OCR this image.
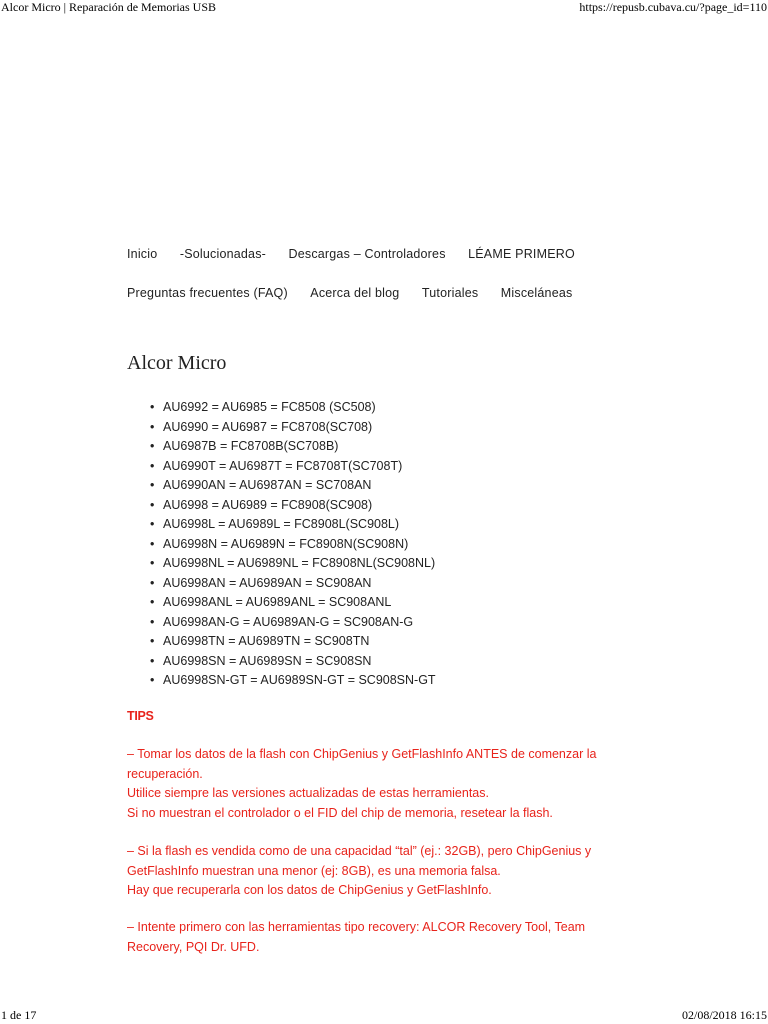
Alcor Micro | Reparación de Memorias USB	https://repusb.cubava.cu/?page_id=110
Inicio -Solucionadas- Descargas – Controladores LÉAME PRIMERO
Preguntas frecuentes (FAQ) Acerca del blog Tutoriales Misceláneas
Alcor Micro
• AU6992 = AU6985 = FC8508 (SC508)
• AU6990 = AU6987 = FC8708(SC708)
• AU6987B = FC8708B(SC708B)
• AU6990T = AU6987T = FC8708T(SC708T)
• AU6990AN = AU6987AN = SC708AN
• AU6998 = AU6989 = FC8908(SC908)
• AU6998L = AU6989L = FC8908L(SC908L)
• AU6998N = AU6989N = FC8908N(SC908N)
• AU6998NL = AU6989NL = FC8908NL(SC908NL)
• AU6998AN = AU6989AN = SC908AN
• AU6998ANL = AU6989ANL = SC908ANL
• AU6998AN-G = AU6989AN-G = SC908AN-G
• AU6998TN = AU6989TN = SC908TN
• AU6998SN = AU6989SN = SC908SN
• AU6998SN-GT = AU6989SN-GT = SC908SN-GT
TIPS
– Tomar los datos de la flash con ChipGenius y GetFlashInfo ANTES de comenzar la
recuperación.
Utilice siempre las versiones actualizadas de estas herramientas.
Si no muestran el controlador o el FID del chip de memoria, resetear la flash.
– Si la flash es vendida como de una capacidad “tal” (ej.: 32GB), pero ChipGenius y
GetFlashInfo muestran una menor (ej: 8GB), es una memoria falsa.
Hay que recuperarla con los datos de ChipGenius y GetFlashInfo.
– Intente primero con las herramientas tipo recovery: ALCOR Recovery Tool, Team
Recovery, PQI Dr. UFD.
1 de 17	02/08/2018 16:15
